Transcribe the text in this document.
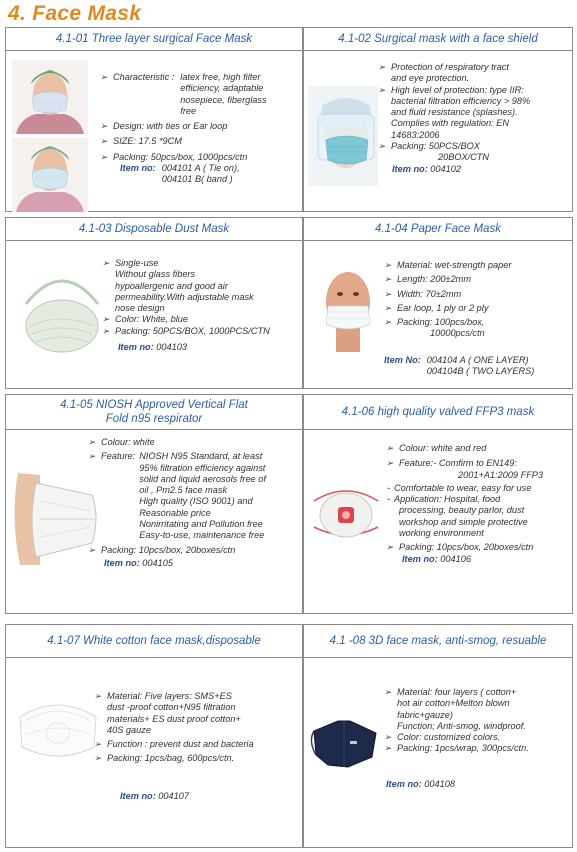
4. Face Mask
4.1-01 Three layer surgical Face Mask
➢ Characteristic : latex free, high filter
efficiency, adaptable
nosepiece, fiberglass
free
➢ Design: with ties or Ear loop
➢ SIZE: 17.5 *9CM
➢ Packing: 50pcs/box, 1000pcs/ctn
Item no: 004101 A ( Tie on),
004101 B( band )
4.1-02 Surgical mask with a face shield
➢ Protection of respiratory tract
and eye protection.
➢ High level of protection: type IIR:
bacterial filtration efficiency > 98%
and fluid resistance (splashes).
Complies with regulation: EN
14683:2006
➢ Packing: 50PCS/BOX
20BOX/CTN
Item no: 004102
4.1-03 Disposable Dust Mask
➢ Single-use
Without glass fibers
hypoallergenic and good air
permeability.With adjustable mask
nose design
➢ Color: White, blue
➢ Packing: 50PCS/BOX, 1000PCS/CTN
Item no: 004103
4.1-04 Paper Face Mask
➢ Material: wet-strength paper
➢ Length: 200±2mm
➢ Width: 70±2mm
➢ Ear loop, 1 ply or 2 ply
➢ Packing: 100pcs/box,
10000pcs/ctn
Item No: 004104 A ( ONE LAYER)
004104B ( TWO LAYERS)
4.1-05 NIOSH Approved Vertical Flat
Fold n95 respirator
➢ Colour: white
➢ Feature: NIOSH N95 Standard, at least
95% filtration efficiency against
solid and liquid aerosols free of
oil , Pm2.5 face mask
High quality (ISO 9001) and
Reasonable price
Nonirritating and Pollution free
Easy-to-use, maintenance free
➢ Packing: 10pcs/box, 20boxes/ctn
Item no: 004105
4.1-06 high quality valved FFP3 mask
➢ Colour: white and red
➢ Feature:- Comfirm to EN149:
2001+A1:2009 FFP3
- Comfortable to wear, easy for use
- Application: Hospital, food
processing, beauty parlor, dust
workshop and simple protective
working environment
➢ Packing: 10pcs/box, 20boxes/ctn
Item no: 004106
4.1-07 White cotton face mask,disposable
➢ Material: Five layers: SMS+ES
dust -proof cotton+N95 filtration
materials+ ES dust proof cotton+
40S gauze
➢ Function : prevent dust and bacteria
➢ Packing: 1pcs/bag, 600pcs/ctn.
Item no: 004107
4.1 -08 3D face mask, anti-smog, resuable
➢ Material: four layers ( cotton+
hot air cotton+Melton blown
fabric+gauze)
Function; Anti-smog, windproof.
➢ Color: customized colors.
➢ Packing: 1pcs/wrap, 300pcs/ctn.
Item no: 004108
